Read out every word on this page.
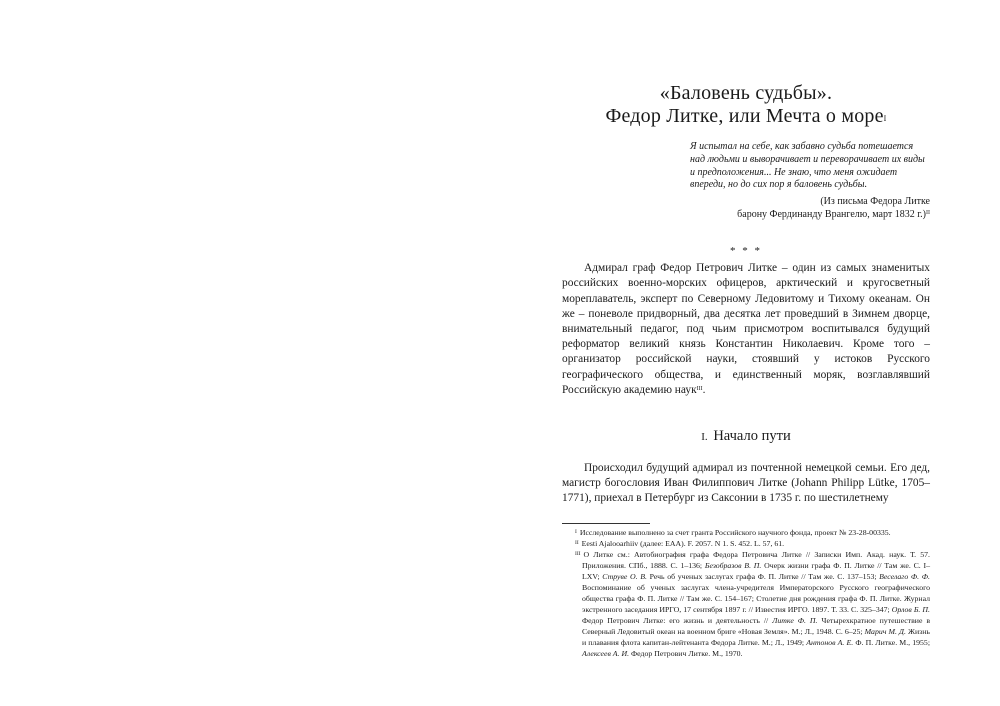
«Баловень судьбы».
Федор Литке, или Мечта о море$^I$
Я испытал на себе, как забавно судьба потешается над людьми и выворачивает и переворачивает их виды и предположения... Не знаю, что меня ожидает впереди, но до сих пор я баловень судьбы.
(Из письма Федора Литке
барону Фердинанду Врангелю, март 1832 г.)$^{II}$
* * *

Адмирал граф Федор Петрович Литке – один из самых знаменитых российских военно-морских офицеров, арктический и кругосветный мореплаватель, эксперт по Северному Ледовитому и Тихому океанам. Он же – поневоле придворный, два десятка лет проведший в Зимнем дворце, внимательный педагог, под чьим присмотром воспитывался будущий реформатор великий князь Константин Николаевич. Кроме того – организатор российской науки, стоявший у истоков Русского географического общества, и единственный моряк, возглавлявший Российскую академию наук$^{III}$.

I. Начало пути

Происходил будущий адмирал из почтенной немецкой семьи. Его дед, магистр богословия Иван Филиппович Литке (Johann Philipp Lütke, 1705–1771), приехал в Петербург из Саксонии в 1735 г. по шестилетнему

$^I$ Исследование выполнено за счет гранта Российского научного фонда, проект № 23-28-00335.

$^{II}$ Eesti Ajalooarhiiv (далее: EAA). F. 2057. N 1. S. 452. L. 57, 61.

$^{III}$ О Литке см.: Автобиография графа Федора Петровича Литке // Записки Имп. Акад. наук. Т. 57. Приложения. СПб., 1888. С. 1–136; Безобразов В. П. Очерк жизни графа Ф. П. Литке // Там же. С. I–LXV; Струве О. В. Речь об ученых заслугах графа Ф. П. Литке // Там же. С. 137–153; Веселаго Ф. Ф. Воспоминание об ученых заслугах члена-учредителя Императорского Русского географического общества графа Ф. П. Литке // Там же. С. 154–167; Столетие дня рождения графа Ф. П. Литке. Журнал экстренного заседания ИРГО, 17 сентября 1897 г. // Известия ИРГО. 1897. Т. 33. С. 325–347; Орлов Б. П. Федор Петрович Литке: его жизнь и деятельность // Литке Ф. П. Четырехкратное путешествие в Северный Ледовитый океан на военном бриге «Новая Земля». М.; Л., 1948. С. 6–25; Марич М. Д. Жизнь и плавания флота капитан-лейтенанта Федора Литке. М.; Л., 1949; Антонов А. Е. Ф. П. Литке. М., 1955; Алексеев А. И. Федор Петрович Литке. М., 1970.
